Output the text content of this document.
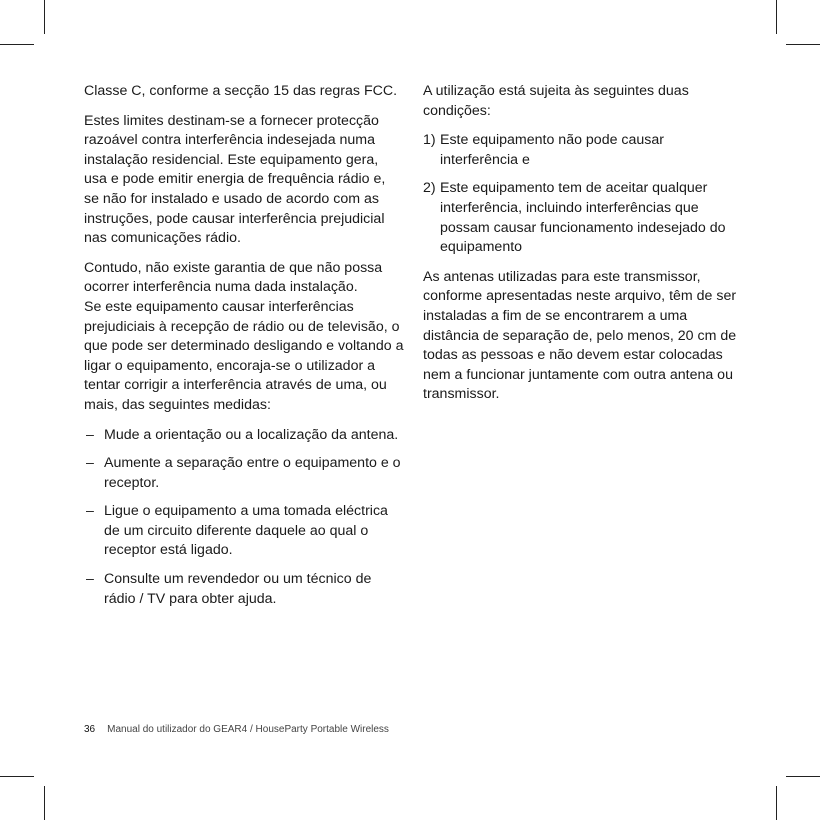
Classe C, conforme a secção 15 das regras FCC.

Estes limites destinam-se a fornecer protecção razoável contra interferência indesejada numa instalação residencial. Este equipamento gera, usa e pode emitir energia de frequência rádio e, se não for instalado e usado de acordo com as instruções, pode causar interferência prejudicial nas comunicações rádio.

Contudo, não existe garantia de que não possa ocorrer interferência numa dada instalação.

Se este equipamento causar interferências prejudiciais à recepção de rádio ou de televisão, o que pode ser determinado desligando e voltando a ligar o equipamento, encoraja-se o utilizador a tentar corrigir a interferência através de uma, ou mais, das seguintes medidas:

– Mude a orientação ou a localização da antena.
– Aumente a separação entre o equipamento e o receptor.
– Ligue o equipamento a uma tomada eléctrica de um circuito diferente daquele ao qual o receptor está ligado.
– Consulte um revendedor ou um técnico de rádio / TV para obter ajuda.

A utilização está sujeita às seguintes duas condições:

1) Este equipamento não pode causar interferência e
2) Este equipamento tem de aceitar qualquer interferência, incluindo interferências que possam causar funcionamento indesejado do equipamento

As antenas utilizadas para este transmissor, conforme apresentadas neste arquivo, têm de ser instaladas a fim de se encontrarem a uma distância de separação de, pelo menos, 20 cm de todas as pessoas e não devem estar colocadas nem a funcionar juntamente com outra antena ou transmissor.

36 Manual do utilizador do GEAR4 / HouseParty Portable Wireless
